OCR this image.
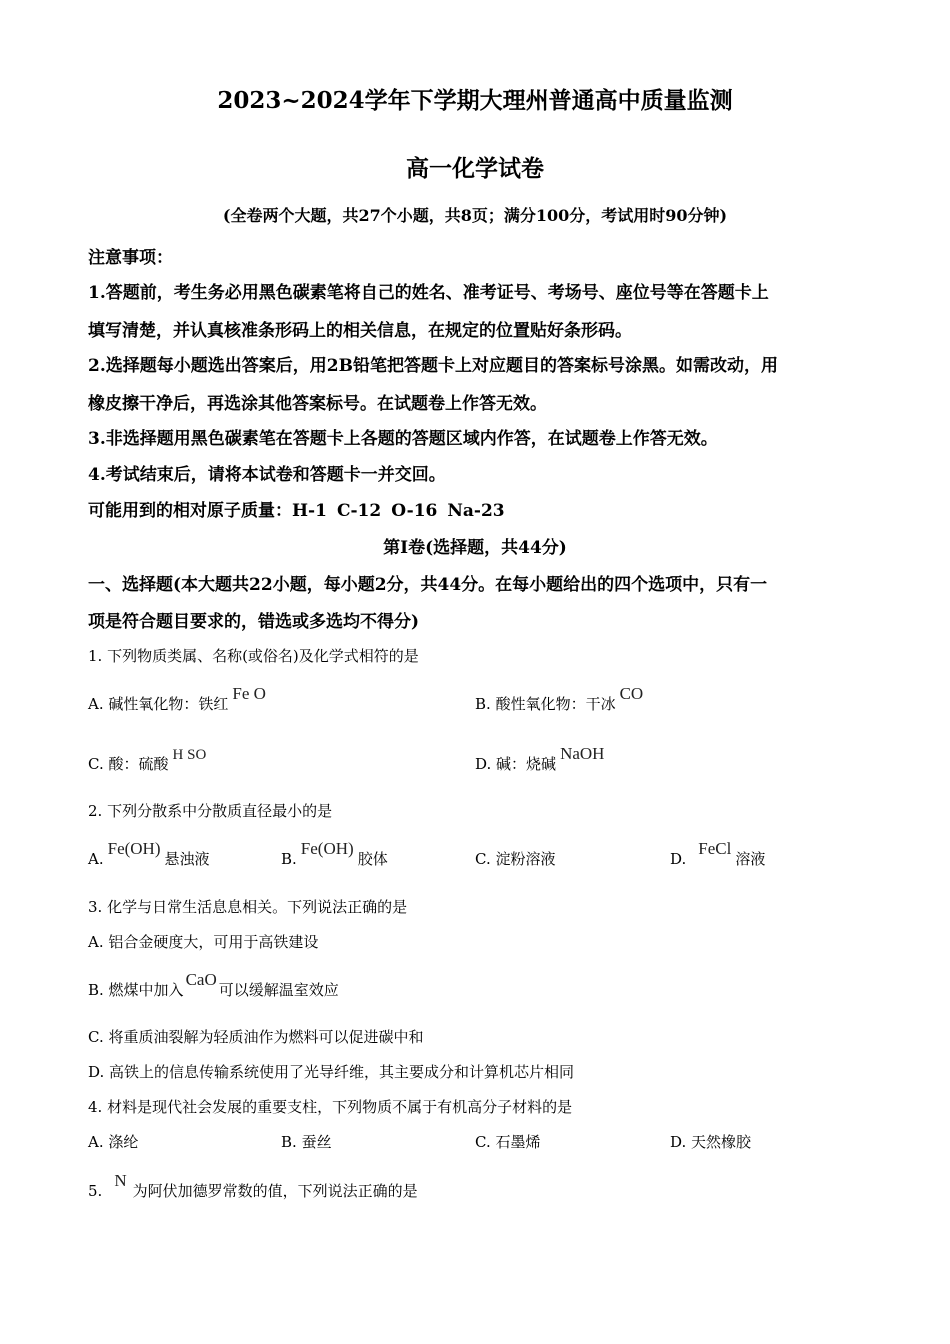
2023~2024学年下学期大理州普通高中质量监测
高一化学试卷
(全卷两个大题，共27个小题，共8页；满分100分，考试用时90分钟)
注意事项：
1.答题前，考生务必用黑色碳素笔将自己的姓名、准考证号、考场号、座位号等在答题卡上
填写清楚，并认真核准条形码上的相关信息，在规定的位置贴好条形码。
2.选择题每小题选出答案后，用2B铅笔把答题卡上对应题目的答案标号涂黑。如需改动，用
橡皮擦干净后，再选涂其他答案标号。在试题卷上作答无效。
3.非选择题用黑色碳素笔在答题卡上各题的答题区域内作答，在试题卷上作答无效。
4.考试结束后，请将本试卷和答题卡一并交回。
可能用到的相对原子质量：H-1 C-12 O-16 Na-23
第I卷(选择题，共44分)
一、选择题(本大题共22小题，每小题2分，共44分。在每小题给出的四个选项中，只有一
项是符合题目要求的，错选或多选均不得分)
1. 下列物质类属、名称(或俗名)及化学式相符的是
A. 碱性氧化物：铁红Fe O
B. 酸性氧化物：干冰CO
C. 酸：硫酸 H SO	D. 碱：烧碱NaOH
2. 下列分散系中分散质直径最小的是
A.Fe(OH)悬浊液	B.Fe(OH)胶体	C. 淀粉溶液	D.FeCl溶液
3. 化学与日常生活息息相关。下列说法正确的是
A. 铝合金硬度大，可用于高铁建设
B. 燃煤中加入CaO可以缓解温室效应
C. 将重质油裂解为轻质油作为燃料可以促进碳中和
D. 高铁上的信息传输系统使用了光导纤维，其主要成分和计算机芯片相同
4. 材料是现代社会发展的重要支柱，下列物质不属于有机高分子材料的是
A. 涤纶	B. 蚕丝	C. 石墨烯	D. 天然橡胶
5.N为阿伏加德罗常数的值，下列说法正确的是
